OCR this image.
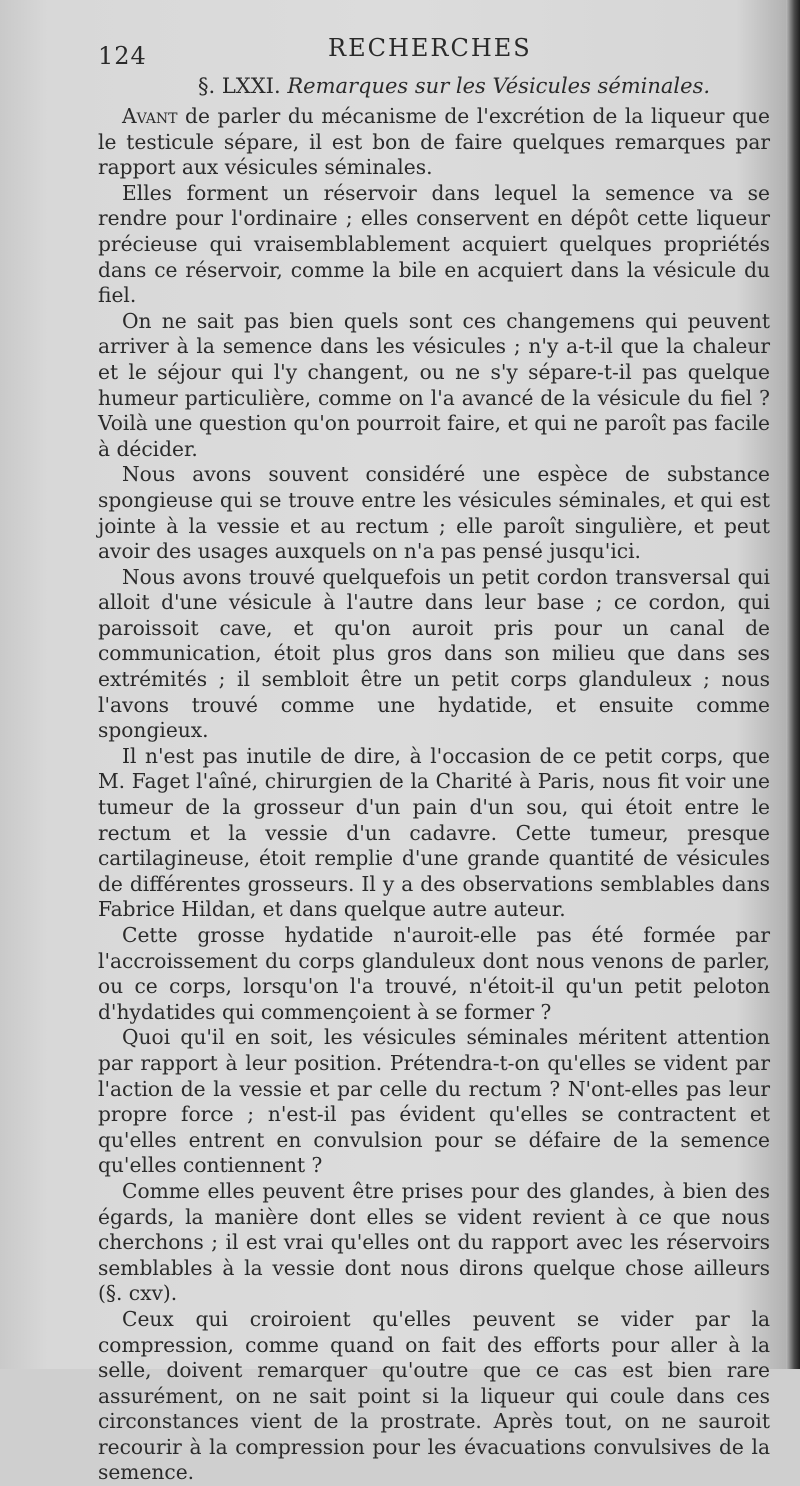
124	RECHERCHES
§. LXXI. Remarques sur les Vésicules séminales.

Avant de parler du mécanisme de l'excrétion de la liqueur que le testicule sépare, il est bon de faire quelques remarques par rapport aux vésicules séminales.

Elles forment un réservoir dans lequel la semence va se rendre pour l'ordinaire ; elles conservent en dépôt cette liqueur précieuse qui vraisemblablement acquiert quelques propriétés dans ce réservoir, comme la bile en acquiert dans la vésicule du fiel.

On ne sait pas bien quels sont ces changemens qui peuvent arriver à la semence dans les vésicules ; n'y a-t-il que la chaleur et le séjour qui l'y changent, ou ne s'y sépare-t-il pas quelque humeur particulière, comme on l'a avancé de la vésicule du fiel ? Voilà une question qu'on pourroit faire, et qui ne paroît pas facile à décider.

Nous avons souvent considéré une espèce de substance spongieuse qui se trouve entre les vésicules séminales, et qui est jointe à la vessie et au rectum ; elle paroît singulière, et peut avoir des usages auxquels on n'a pas pensé jusqu'ici.

Nous avons trouvé quelquefois un petit cordon transversal qui alloit d'une vésicule à l'autre dans leur base ; ce cordon, qui paroissoit cave, et qu'on auroit pris pour un canal de communication, étoit plus gros dans son milieu que dans ses extrémités ; il sembloit être un petit corps glanduleux ; nous l'avons trouvé comme une hydatide, et ensuite comme spongieux.

Il n'est pas inutile de dire, à l'occasion de ce petit corps, que M. Faget l'aîné, chirurgien de la Charité à Paris, nous fit voir une tumeur de la grosseur d'un pain d'un sou, qui étoit entre le rectum et la vessie d'un cadavre. Cette tumeur, presque cartilagineuse, étoit remplie d'une grande quantité de vésicules de différentes grosseurs. Il y a des observations semblables dans Fabrice Hildan, et dans quelque autre auteur.

Cette grosse hydatide n'auroit-elle pas été formée par l'accroissement du corps glanduleux dont nous venons de parler, ou ce corps, lorsqu'on l'a trouvé, n'étoit-il qu'un petit peloton d'hydatides qui commençoient à se former ?

Quoi qu'il en soit, les vésicules séminales méritent attention par rapport à leur position. Prétendra-t-on qu'elles se vident par l'action de la vessie et par celle du rectum ? N'ont-elles pas leur propre force ; n'est-il pas évident qu'elles se contractent et qu'elles entrent en convulsion pour se défaire de la semence qu'elles contiennent ?

Comme elles peuvent être prises pour des glandes, à bien des égards, la manière dont elles se vident revient à ce que nous cherchons ; il est vrai qu'elles ont du rapport avec les réservoirs semblables à la vessie dont nous dirons quelque chose ailleurs (§. cxv).

Ceux qui croiroient qu'elles peuvent se vider par la compression, comme quand on fait des efforts pour aller à la selle, doivent remarquer qu'outre que ce cas est bien rare assurément, on ne sait point si la liqueur qui coule dans ces circonstances vient de la prostrate. Après tout, on ne sauroit recourir à la compression pour les évacuations convulsives de la semence.
